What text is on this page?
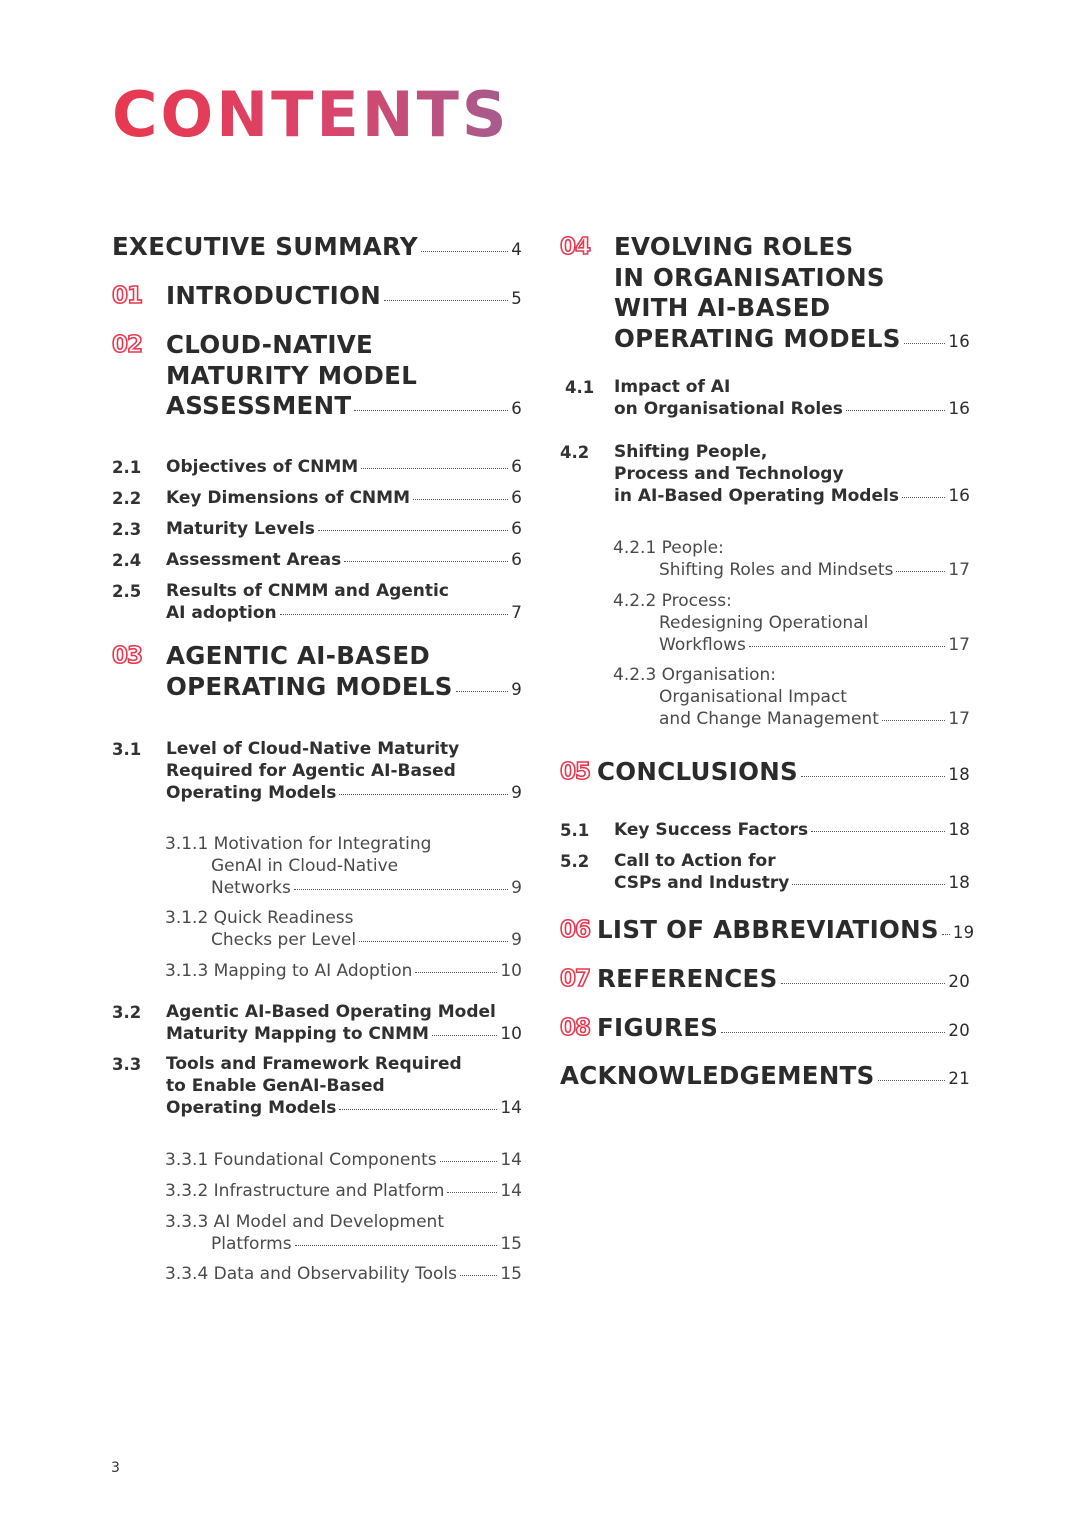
CONTENTS
EXECUTIVE SUMMARY	4
01 INTRODUCTION	5
02 CLOUD-NATIVE
MATURITY MODEL
ASSESSMENT	6
2.1 Objectives of CNMM	6
2.2 Key Dimensions of CNMM	6
2.3 Maturity Levels	6
2.4 Assessment Areas	6
2.5 Results of CNMM and Agentic
AI adoption	7
03 AGENTIC AI-BASED
OPERATING MODELS	9
3.1 Level of Cloud-Native Maturity
Required for Agentic AI-Based
Operating Models	9
3.1.1 Motivation for Integrating
GenAI in Cloud-Native
Networks	9
3.1.2 Quick Readiness
Checks per Level	9
3.1.3 Mapping to AI Adoption	10
3.2 Agentic AI-Based Operating Model
Maturity Mapping to CNMM	10
3.3 Tools and Framework Required
to Enable GenAI-Based
Operating Models	14
3.3.1 Foundational Components	14
3.3.2 Infrastructure and Platform	14
3.3.3 AI Model and Development
Platforms	15
3.3.4 Data and Observability Tools	15
04 EVOLVING ROLES
IN ORGANISATIONS
WITH AI-BASED
OPERATING MODELS	16
4.1 Impact of AI
on Organisational Roles	16
4.2 Shifting People,
Process and Technology
in AI-Based Operating Models	16
4.2.1 People:
Shifting Roles and Mindsets	17
4.2.2 Process:
Redesigning Operational
Workflows	17
4.2.3 Organisation:
Organisational Impact
and Change Management	17
05 CONCLUSIONS	18
5.1 Key Success Factors	18
5.2 Call to Action for
CSPs and Industry	18
06 LIST OF ABBREVIATIONS 19
07 REFERENCES	20
08 FIGURES	20
ACKNOWLEDGEMENTS	21
3
